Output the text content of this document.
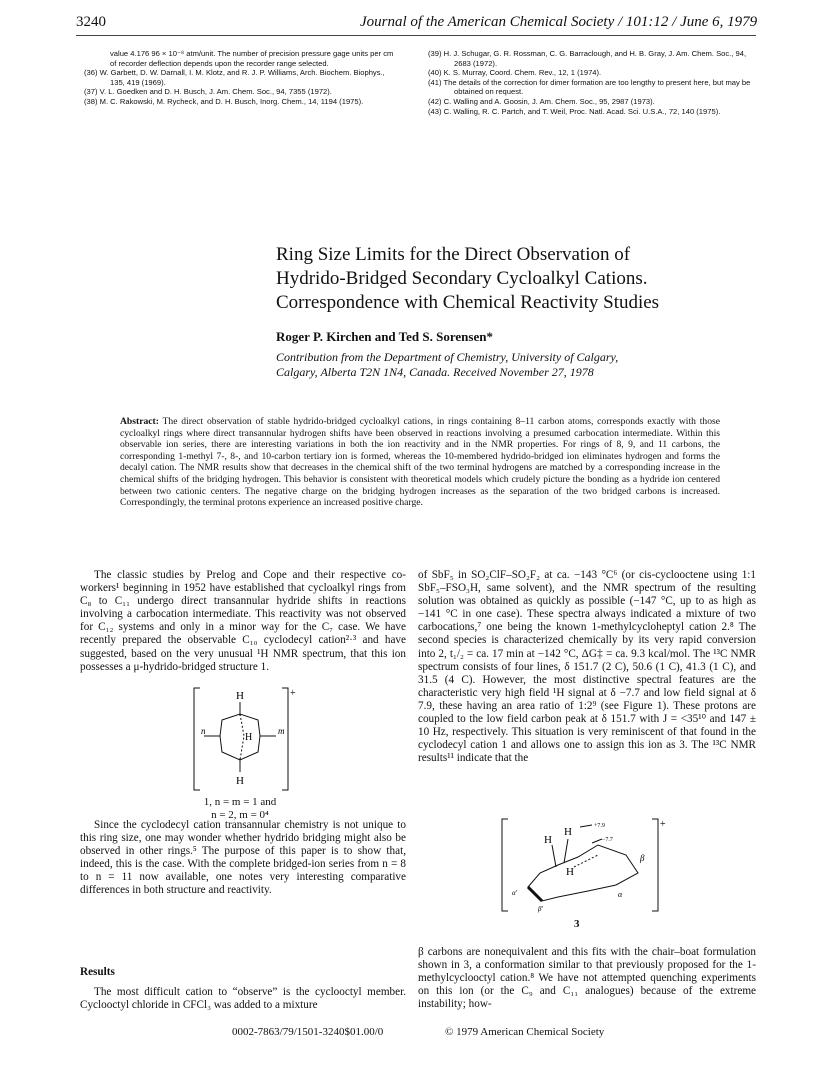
3240	Journal of the American Chemical Society / 101:12 / June 6, 1979
value 4.176 96 × 10⁻⁸ atm/unit. The number of precision pressure gage units per cm of recorder deflection depends upon the recorder range selected.
(36) W. Garbett, D. W. Darnall, I. M. Klotz, and R. J. P. Williams, Arch. Biochem. Biophys., 135, 419 (1969).
(37) V. L. Goedken and D. H. Busch, J. Am. Chem. Soc., 94, 7355 (1972).
(38) M. C. Rakowski, M. Rycheck, and D. H. Busch, Inorg. Chem., 14, 1194 (1975).
(39) H. J. Schugar, G. R. Rossman, C. G. Barraclough, and H. B. Gray, J. Am. Chem. Soc., 94, 2683 (1972).
(40) K. S. Murray, Coord. Chem. Rev., 12, 1 (1974).
(41) The details of the correction for dimer formation are too lengthy to present here, but may be obtained on request.
(42) C. Walling and A. Goosin, J. Am. Chem. Soc., 95, 2987 (1973).
(43) C. Walling, R. C. Partch, and T. Weil, Proc. Natl. Acad. Sci. U.S.A., 72, 140 (1975).
Ring Size Limits for the Direct Observation of
Hydrido-Bridged Secondary Cycloalkyl Cations.
Correspondence with Chemical Reactivity Studies
Roger P. Kirchen and Ted S. Sorensen*
Contribution from the Department of Chemistry, University of Calgary,
Calgary, Alberta T2N 1N4, Canada. Received November 27, 1978
Abstract: The direct observation of stable hydrido-bridged cycloalkyl cations, in rings containing 8–11 carbon atoms, corresponds exactly with those cycloalkyl rings where direct transannular hydrogen shifts have been observed in reactions involving a presumed carbocation intermediate. Within this observable ion series, there are interesting variations in both the ion reactivity and in the NMR properties. For rings of 8, 9, and 11 carbons, the corresponding 1-methyl 7-, 8-, and 10-carbon tertiary ion is formed, whereas the 10-membered hydrido-bridged ion eliminates hydrogen and forms the decalyl cation. The NMR results show that decreases in the chemical shift of the two terminal hydrogens are matched by a corresponding increase in the chemical shifts of the bridging hydrogen. This behavior is consistent with theoretical models which crudely picture the bonding as a hydride ion centered between two cationic centers. The negative charge on the bridging hydrogen increases as the separation of the two bridged carbons is increased. Correspondingly, the terminal protons experience an increased positive charge.

The classic studies by Prelog and Cope and their respective co-workers¹ beginning in 1952 have established that cycloalkyl rings from C₈ to C₁₁ undergo direct transannular hydride shifts in reactions involving a carbocation intermediate. This reactivity was not observed for C₁₂ systems and only in a minor way for the C₇ case. We have recently prepared the observable C₁₀ cyclodecyl cation²·³ and have suggested, based on the very unusual ¹H NMR spectrum, that this ion possesses a μ-hydrido-bridged structure 1.

H
H
H
n	m
+
1, n = m = 1 and
n = 2, m = 0⁴

Since the cyclodecyl cation transannular chemistry is not unique to this ring size, one may wonder whether hydrido bridging might also be observed in other rings.⁵ The purpose of this paper is to show that, indeed, this is the case. With the complete bridged-ion series from n = 8 to n = 11 now available, one notes very interesting comparative differences in both structure and reactivity.

Results

The most difficult cation to “observe” is the cyclooctyl member. Cyclooctyl chloride in CFCl₃ was added to a mixture

of SbF₅ in SO₂ClF–SO₂F₂ at ca. −143 °C⁶ (or cis-cyclooctene using 1:1 SbF₅–FSO₃H, same solvent), and the NMR spectrum of the resulting solution was obtained as quickly as possible (−147 °C, up to as high as −141 °C in one case). These spectra always indicated a mixture of two carbocations,⁷ one being the known 1-methylcycloheptyl cation 2.⁸ The second species is characterized chemically by its very rapid conversion into 2, t₁/₂ = ca. 17 min at −142 °C, ΔG‡ = ca. 9.3 kcal/mol. The ¹³C NMR spectrum consists of four lines, δ 151.7 (2 C), 50.6 (1 C), 41.3 (1 C), and 31.5 (4 C). However, the most distinctive spectral features are the characteristic very high field ¹H signal at δ −7.7 and low field signal at δ 7.9, these having an area ratio of 1:2⁹ (see Figure 1). These protons are coupled to the low field carbon peak at δ 151.7 with J = <35¹⁰ and 147 ± 10 Hz, respectively. This situation is very reminiscent of that found in the cyclodecyl cation 1 and allows one to assign this ion as 3. The ¹³C NMR results¹¹ indicate that the

H
H
H
+7.9
−7.7
β
α
α'
β'
+
3

β carbons are nonequivalent and this fits with the chair–boat formulation shown in 3, a conformation similar to that previously proposed for the 1-methylcyclooctyl cation.⁸ We have not attempted quenching experiments on this ion (or the C₉ and C₁₁ analogues) because of the extreme instability; how-

0002-7863/79/1501-3240$01.00/0	© 1979 American Chemical Society
